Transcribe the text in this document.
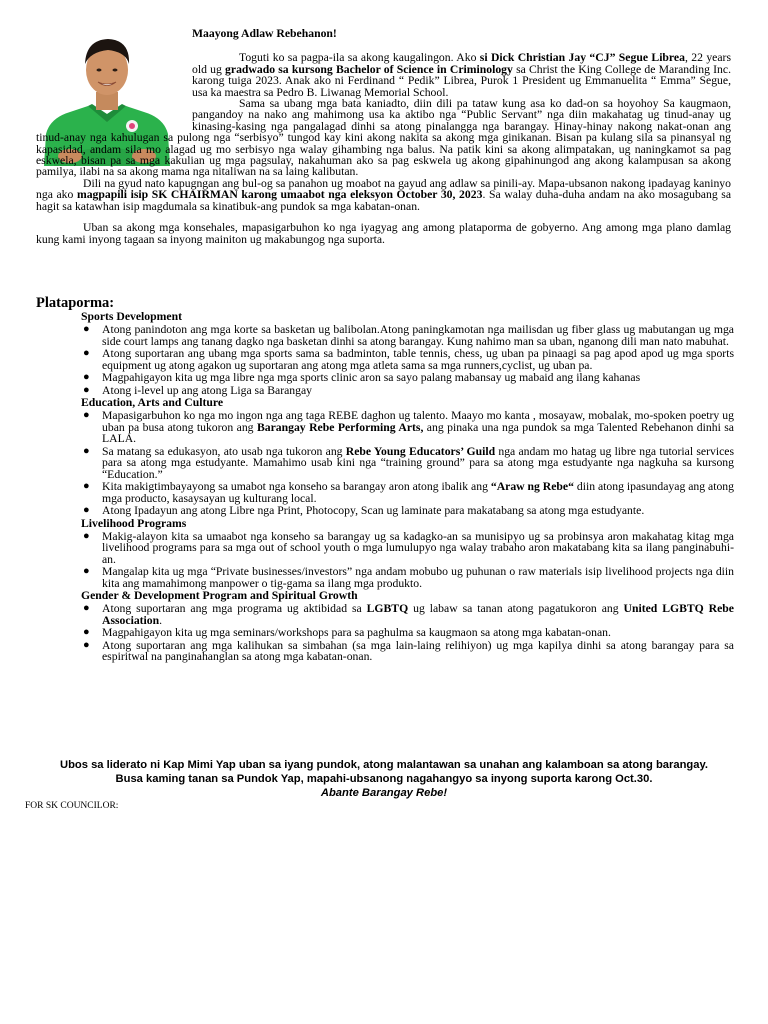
Maayong Adlaw Rebehanon!

Toguti ko sa pagpa-ila sa akong kaugalingon. Ako si Dick Christian Jay “CJ” Segue Librea, 22 years old ug gradwado sa kursong Bachelor of Science in Criminology sa Christ the King College de Maranding Inc. karong tuiga 2023. Anak ako ni Ferdinand “ Pedik” Librea, Purok 1 President ug Emmanuelita “ Emma” Segue, usa ka maestra sa Pedro B. Liwanag Memorial School.

Sama sa ubang mga bata kaniadto, diin dili pa tataw kung asa ko dad-on sa hoyohoy Sa kaugmaon, pangandoy na nako ang mahimong usa ka aktibo nga “Public Servant” nga diin makahatag ug tinud-anay ug kinasing-kasing nga pangalagad dinhi sa atong pinalangga nga barangay. Hinay-hinay nakong nakat-onan ang tinud-anay nga kahulugan sa pulong nga “serbisyo” tungod kay kini akong nakita sa akong mga ginikanan. Bisan pa kulang sila sa pinansyal ng kapasidad, andam sila mo alagad ug mo serbisyo nga walay gihambing nga balus. Na patik kini sa akong alimpatakan, ug naningkamot sa pag eskwela, bisan pa sa mga kakulian ug mga pagsulay, nakahuman ako sa pag eskwela ug akong gipahinungod ang akong kalampusan sa akong pamilya, ilabi na sa akong mama nga nitaliwan na sa laing kalibutan.

Dili na gyud nato kapugngan ang bul-og sa panahon ug moabot na gayud ang adlaw sa pinili-ay. Mapa-ubsanon nakong ipadayag kaninyo nga ako magpapili isip SK CHAIRMAN karong umaabot nga eleksyon October 30, 2023. Sa walay duha-duha andam na ako mosagubang sa hagit sa katawhan isip magdumala sa kinatibuk-ang pundok sa mga kabatan-onan.

Uban sa akong mga konsehales, mapasigarbuhon ko nga iyagyag ang among plataporma de gobyerno. Ang among mga plano damlag kung kami inyong tagaan sa inyong mainiton ug makabungog nga suporta.

Plataporma:

Sports Development

● Atong panindoton ang mga korte sa basketan ug balibolan.Atong paningkamotan nga mailisdan ug fiber glass ug mabutangan ug mga side court lamps ang tanang dagko nga basketan dinhi sa atong barangay. Kung nahimo man sa uban, nganong dili man nato mabuhat.
● Atong suportaran ang ubang mga sports sama sa badminton, table tennis, chess, ug uban pa pinaagi sa pag apod apod ug mga sports equipment ug atong agakon ug suportaran ang atong mga atleta sama sa mga runners,cyclist, ug uban pa.
● Magpahigayon kita ug mga libre nga mga sports clinic aron sa sayo palang mabansay ug mabaid ang ilang kahanas
● Atong i-level up ang atong Liga sa Barangay

Education, Arts and Culture

● Mapasigarbuhon ko nga mo ingon nga ang taga REBE daghon ug talento. Maayo mo kanta , mosayaw, mobalak, mo-spoken poetry ug uban pa busa atong tukoron ang Barangay Rebe Performing Arts, ang pinaka una nga pundok sa mga Talented Rebehanon dinhi sa LALA.
● Sa matang sa edukasyon, ato usab nga tukoron ang Rebe Young Educators’ Guild nga andam mo hatag ug libre nga tutorial services para sa atong mga estudyante. Mamahimo usab kini nga “training ground” para sa atong mga estudyante nga nagkuha sa kursong “Education.”
● Kita makigtimbayayong sa umabot nga konseho sa barangay aron atong ibalik ang “Araw ng Rebe“ diin atong ipasundayag ang atong mga producto, kasaysayan ug kulturang local.
● Atong Ipadayun ang atong Libre nga Print, Photocopy, Scan ug laminate para makatabang sa atong mga estudyante.

Livelihood Programs

● Makig-alayon kita sa umaabot nga konseho sa barangay ug sa kadagko-an sa munisipyo ug sa probinsya aron makahatag kitag mga livelihood programs para sa mga out of school youth o mga lumulupyo nga walay trabaho aron makatabang kita sa ilang panginabuhi-an.
● Mangalap kita ug mga “Private businesses/investors” nga andam mobubo ug puhunan o raw materials isip livelihood projects nga diin kita ang mamahimong manpower o tig-gama sa ilang mga produkto.

Gender & Development Program and Spiritual Growth

● Atong suportaran ang mga programa ug aktibidad sa LGBTQ ug labaw sa tanan atong pagatukoron ang United LGBTQ Rebe Association.
● Magpahigayon kita ug mga seminars/workshops para sa paghulma sa kaugmaon sa atong mga kabatan-onan.
● Atong suportaran ang mga kalihukan sa simbahan (sa mga lain-laing relihiyon) ug mga kapilya dinhi sa atong barangay para sa espiritwal na panginahanglan sa atong mga kabatan-onan.

Ubos sa liderato ni Kap Mimi Yap uban sa iyang pundok, atong malantawan sa unahan ang kalamboan sa atong barangay.

Busa kaming tanan sa Pundok Yap, mapahi-ubsanong nagahangyo sa inyong suporta karong Oct.30.

Abante Barangay Rebe!

FOR SK COUNCILOR:
